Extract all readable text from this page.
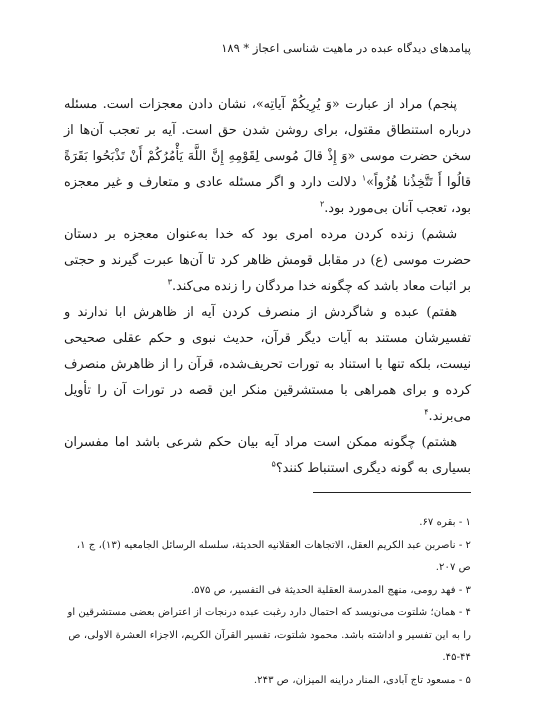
پیامدهای دیدگاه عبده در ماهیت شناسی اعجاز * ۱۸۹

پنجم) مراد از عبارت «وَ یُرِیکُمْ آیاتِه»، نشان دادن معجزات است. مسئله درباره استنطاق مقتول، برای روشن شدن حق است. آیه بر تعجب آن‌ها از سخن حضرت موسی «وَ إِذْ قالَ مُوسی لِقَوْمِهِ إِنَّ اللَّهَ یَأْمُرُکُمْ أَنْ تَذْبَحُوا بَقَرَةً قالُوا أَ تَتَّخِذُنا هُزُواً»$^۱$ دلالت دارد و اگر مسئله عادی و متعارف و غیر معجزه بود، تعجب آنان بی‌مورد بود.$^۲$

ششم) زنده کردن مرده امری بود که خدا به‌عنوان معجزه بر دستان حضرت موسی (ع) در مقابل قومش ظاهر کرد تا آن‌ها عبرت گیرند و حجتی بر اثبات معاد باشد که چگونه خدا مردگان را زنده می‌کند.$^۳$

هفتم) عبده و شاگردش از منصرف کردن آیه از ظاهرش ابا ندارند و تفسیرشان مستند به آیات دیگر قرآن، حدیث نبوی و حکم عقلی صحیحی نیست، بلکه تنها با استناد به تورات تحریف‌شده، قرآن را از ظاهرش منصرف کرده و برای همراهی با مستشرقین منکر این قصه در تورات آن را تأویل می‌برند.$^۴$

هشتم) چگونه ممکن است مراد آیه بیان حکم شرعی باشد اما مفسران بسیاری به گونه دیگری استنباط کنند؟$^۵$

۱ - بقره ۶۷.

۲ - ناصربن عبد الکریم العقل، الاتجاهات العقلانیه الحدیثة، سلسله الرسائل الجامعیه (۱۳)، ج ۱، ص ۲۰۷.

۳ - فهد رومی، منهج المدرسة العقلیة الحدیثة فی التفسیر، ص ۵۷۵.

۴ - همان؛ شلتوت می‌نویسد که احتمال دارد رغبت عبده درنجات از اعتراض بعضی مستشرقین او را به این تفسیر و اداشته باشد. محمود شلتوت، تفسیر القرآن الکریم، الاجزاء العشرة الاولی، ص ۴۴-۴۵.

۵ - مسعود تاج آبادی، المنار دراینه المیزان، ص ۲۴۳.
